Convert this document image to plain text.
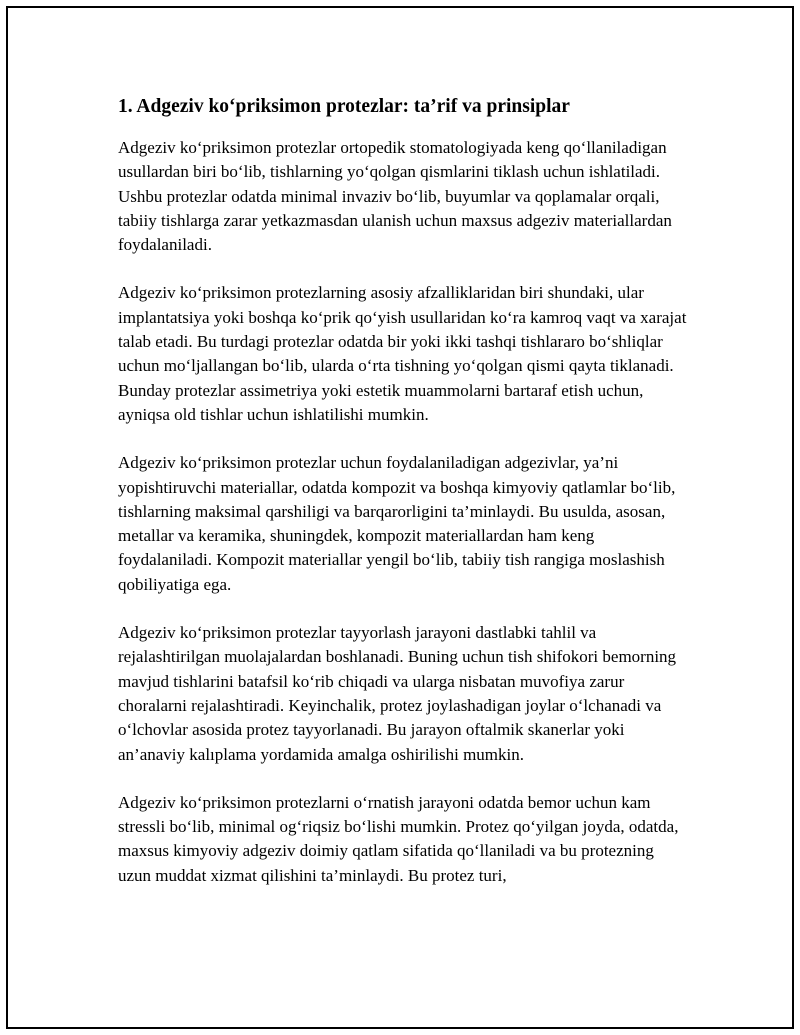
1. Adgeziv ko‘priksimon protezlar: ta’rif va prinsiplar

Adgeziv ko‘priksimon protezlar ortopedik stomatologiyada keng qo‘llaniladigan usullardan biri bo‘lib, tishlarning yo‘qolgan qismlarini tiklash uchun ishlatiladi. Ushbu protezlar odatda minimal invaziv bo‘lib, buyumlar va qoplamalar orqali, tabiiy tishlarga zarar yetkazmasdan ulanish uchun maxsus adgeziv materiallardan foydalaniladi.

Adgeziv ko‘priksimon protezlarning asosiy afzalliklaridan biri shundaki, ular implantatsiya yoki boshqa ko‘prik qo‘yish usullaridan ko‘ra kamroq vaqt va xarajat talab etadi. Bu turdagi protezlar odatda bir yoki ikki tashqi tishlararo bo‘shliqlar uchun mo‘ljallangan bo‘lib, ularda o‘rta tishning yo‘qolgan qismi qayta tiklanadi. Bunday protezlar assimetriya yoki estetik muammolarni bartaraf etish uchun, ayniqsa old tishlar uchun ishlatilishi mumkin.

Adgeziv ko‘priksimon protezlar uchun foydalaniladigan adgezivlar, ya’ni yopishtiruvchi materiallar, odatda kompozit va boshqa kimyoviy qatlamlar bo‘lib, tishlarning maksimal qarshiligi va barqarorligini ta’minlaydi. Bu usulda, asosan, metallar va keramika, shuningdek, kompozit materiallardan ham keng foydalaniladi. Kompozit materiallar yengil bo‘lib, tabiiy tish rangiga moslashish qobiliyatiga ega.

Adgeziv ko‘priksimon protezlar tayyorlash jarayoni dastlabki tahlil va rejalashtirilgan muolajalardan boshlanadi. Buning uchun tish shifokori bemorning mavjud tishlarini batafsil ko‘rib chiqadi va ularga nisbatan muvofiya zarur choralarni rejalashtiradi. Keyinchalik, protez joylashadigan joylar o‘lchanadi va o‘lchovlar asosida protez tayyorlanadi. Bu jarayon oftalmik skanerlar yoki an’anaviy kalıplama yordamida amalga oshirilishi mumkin.

Adgeziv ko‘priksimon protezlarni o‘rnatish jarayoni odatda bemor uchun kam stressli bo‘lib, minimal og‘riqsiz bo‘lishi mumkin. Protez qo‘yilgan joyda, odatda, maxsus kimyoviy adgeziv doimiy qatlam sifatida qo‘llaniladi va bu protezning uzun muddat xizmat qilishini ta’minlaydi. Bu protez turi,
